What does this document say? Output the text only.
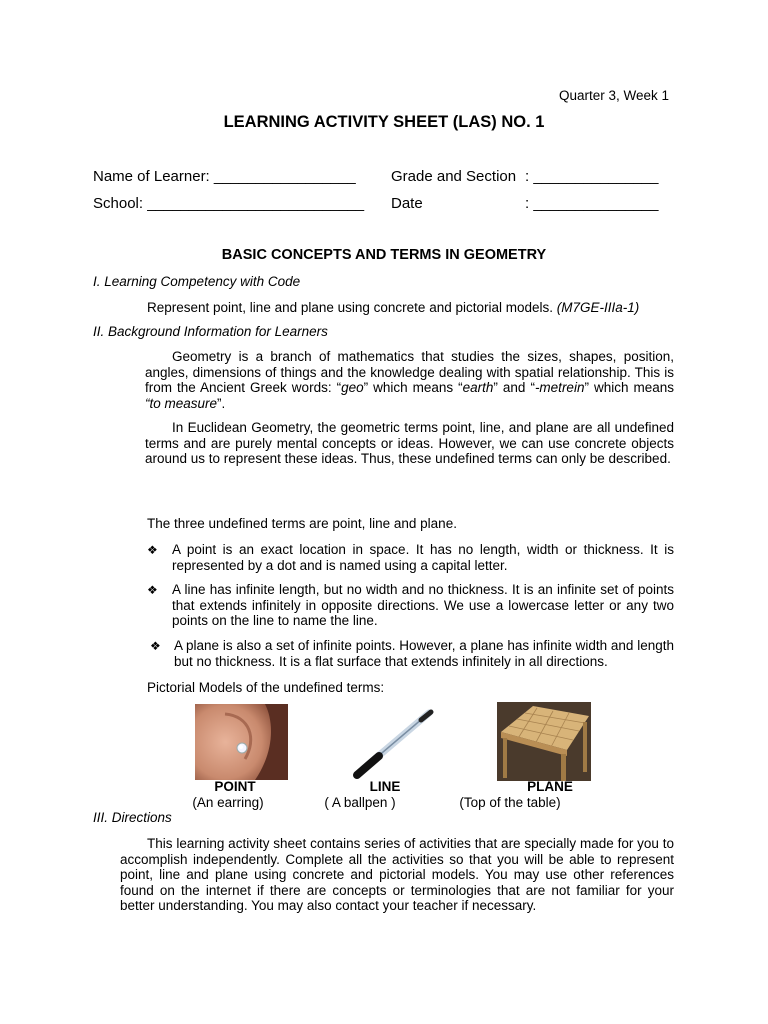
Quarter 3, Week 1
LEARNING ACTIVITY SHEET (LAS) NO. 1
Name of Learner: _________________
School: __________________________
Grade and Section : _______________
Date	: _______________
BASIC CONCEPTS AND TERMS IN GEOMETRY
I. Learning Competency with Code
Represent point, line and plane using concrete and pictorial models. (M7GE-IIIa-1)
II. Background Information for Learners
Geometry is a branch of mathematics that studies the sizes, shapes, position, angles, dimensions of things and the knowledge dealing with spatial relationship. This is from the Ancient Greek words: “geo” which means “earth” and “-metrein” which means “to measure”.
In Euclidean Geometry, the geometric terms point, line, and plane are all undefined terms and are purely mental concepts or ideas. However, we can use concrete objects around us to represent these ideas. Thus, these undefined terms can only be described.
The three undefined terms are point, line and plane.
❖ A point is an exact location in space. It has no length, width or thickness. It is represented by a dot and is named using a capital letter.
❖ A line has infinite length, but no width and no thickness. It is an infinite set of points that extends infinitely in opposite directions. We use a lowercase letter or any two points on the line to name the line.
❖ A plane is also a set of infinite points. However, a plane has infinite width and length but no thickness. It is a flat surface that extends infinitely in all directions.
Pictorial Models of the undefined terms:
POINT
(An earring)
LINE
( A ballpen )
PLANE
(Top of the table)
III. Directions
This learning activity sheet contains series of activities that are specially made for you to accomplish independently. Complete all the activities so that you will be able to represent point, line and plane using concrete and pictorial models. You may use other references found on the internet if there are concepts or terminologies that are not familiar for your better understanding. You may also contact your teacher if necessary.
